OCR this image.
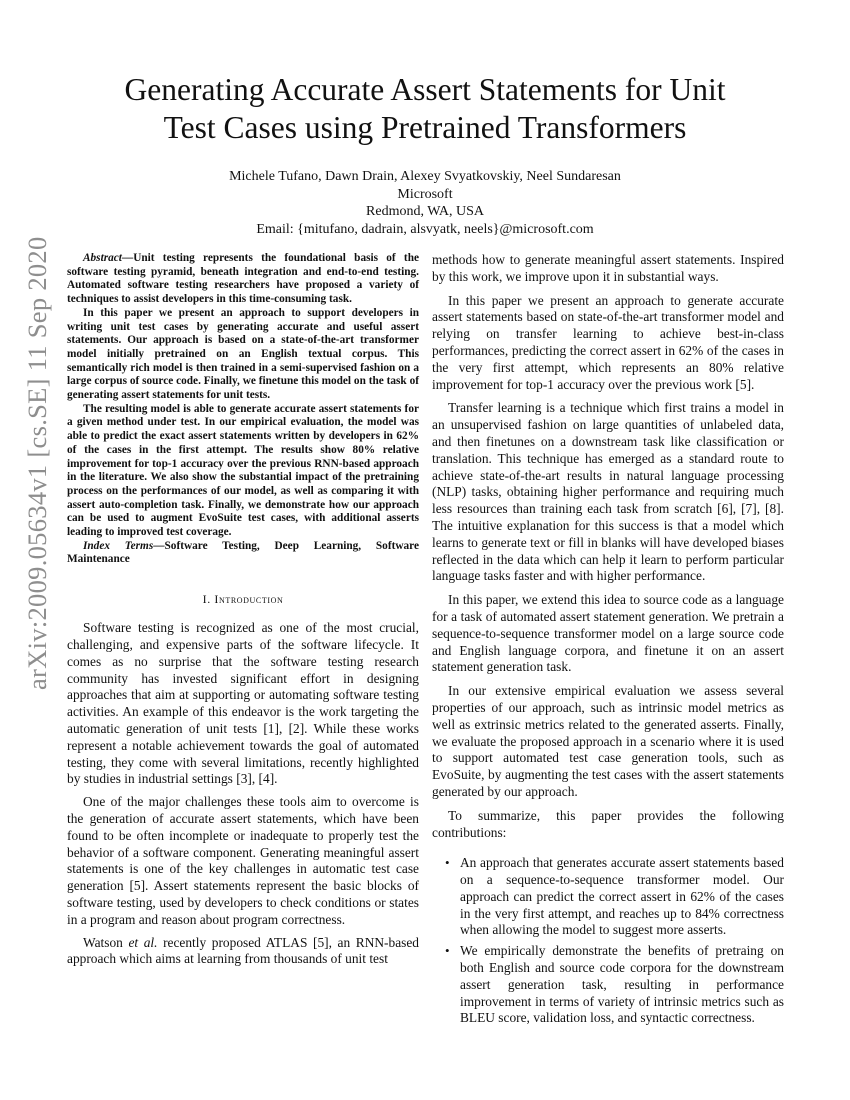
arXiv:2009.05634v1 [cs.SE] 11 Sep 2020
Generating Accurate Assert Statements for Unit
Test Cases using Pretrained Transformers
Michele Tufano, Dawn Drain, Alexey Svyatkovskiy, Neel Sundaresan
Microsoft
Redmond, WA, USA
Email: {mitufano, dadrain, alsvyatk, neels}@microsoft.com

Abstract—Unit testing represents the foundational basis of the software testing pyramid, beneath integration and end-to-end testing. Automated software testing researchers have proposed a variety of techniques to assist developers in this time-consuming task.

In this paper we present an approach to support developers in writing unit test cases by generating accurate and useful assert statements. Our approach is based on a state-of-the-art transformer model initially pretrained on an English textual corpus. This semantically rich model is then trained in a semi-supervised fashion on a large corpus of source code. Finally, we finetune this model on the task of generating assert statements for unit tests.

The resulting model is able to generate accurate assert statements for a given method under test. In our empirical evaluation, the model was able to predict the exact assert statements written by developers in 62% of the cases in the first attempt. The results show 80% relative improvement for top-1 accuracy over the previous RNN-based approach in the literature. We also show the substantial impact of the pretraining process on the performances of our model, as well as comparing it with assert auto-completion task. Finally, we demonstrate how our approach can be used to augment EvoSuite test cases, with additional asserts leading to improved test coverage.

Index Terms—Software Testing, Deep Learning, Software Maintenance

I. Introduction

Software testing is recognized as one of the most crucial, challenging, and expensive parts of the software lifecycle. It comes as no surprise that the software testing research community has invested significant effort in designing approaches that aim at supporting or automating software testing activities. An example of this endeavor is the work targeting the automatic generation of unit tests [1], [2]. While these works represent a notable achievement towards the goal of automated testing, they come with several limitations, recently highlighted by studies in industrial settings [3], [4].

One of the major challenges these tools aim to overcome is the generation of accurate assert statements, which have been found to be often incomplete or inadequate to properly test the behavior of a software component. Generating meaningful assert statements is one of the key challenges in automatic test case generation [5]. Assert statements represent the basic blocks of software testing, used by developers to check conditions or states in a program and reason about program correctness.

Watson et al. recently proposed ATLAS [5], an RNN-based approach which aims at learning from thousands of unit test

methods how to generate meaningful assert statements. Inspired by this work, we improve upon it in substantial ways.

In this paper we present an approach to generate accurate assert statements based on state-of-the-art transformer model and relying on transfer learning to achieve best-in-class performances, predicting the correct assert in 62% of the cases in the very first attempt, which represents an 80% relative improvement for top-1 accuracy over the previous work [5].

Transfer learning is a technique which first trains a model in an unsupervised fashion on large quantities of unlabeled data, and then finetunes on a downstream task like classification or translation. This technique has emerged as a standard route to achieve state-of-the-art results in natural language processing (NLP) tasks, obtaining higher performance and requiring much less resources than training each task from scratch [6], [7], [8]. The intuitive explanation for this success is that a model which learns to generate text or fill in blanks will have developed biases reflected in the data which can help it learn to perform particular language tasks faster and with higher performance.

In this paper, we extend this idea to source code as a language for a task of automated assert statement generation. We pretrain a sequence-to-sequence transformer model on a large source code and English language corpora, and finetune it on an assert statement generation task.

In our extensive empirical evaluation we assess several properties of our approach, such as intrinsic model metrics as well as extrinsic metrics related to the generated asserts. Finally, we evaluate the proposed approach in a scenario where it is used to support automated test case generation tools, such as EvoSuite, by augmenting the test cases with the assert statements generated by our approach.

To summarize, this paper provides the following contributions:

• An approach that generates accurate assert statements based on a sequence-to-sequence transformer model. Our approach can predict the correct assert in 62% of the cases in the very first attempt, and reaches up to 84% correctness when allowing the model to suggest more asserts.
• We empirically demonstrate the benefits of pretraing on both English and source code corpora for the downstream assert generation task, resulting in performance improvement in terms of variety of intrinsic metrics such as BLEU score, validation loss, and syntactic correctness.
